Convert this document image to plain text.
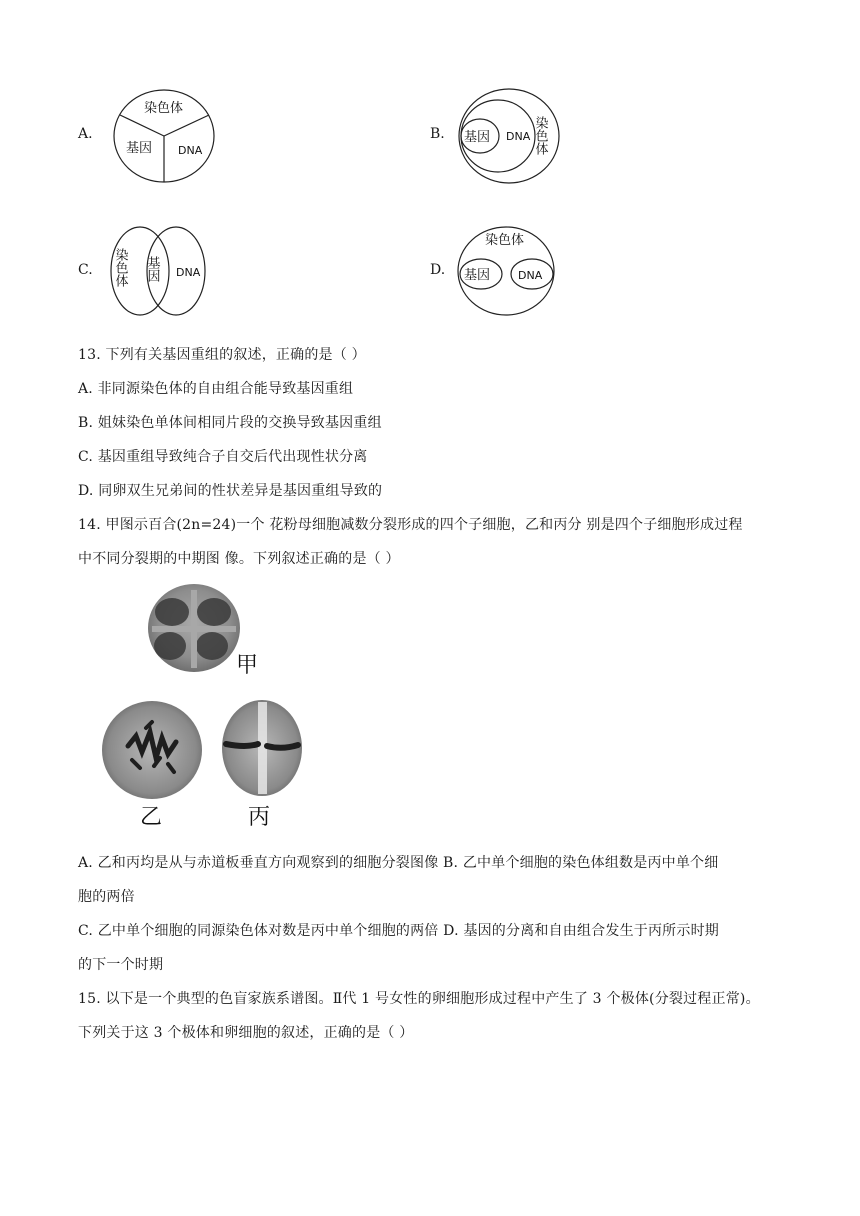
A.
染色体
基因 DNA
B. 基因 DNA 染色体
C. 染色体 基因 DNA	D.
染色体
基因	DNA
13. 下列有关基因重组的叙述，正确的是（ ）
A. 非同源染色体的自由组合能导致基因重组
B. 姐妹染色单体间相同片段的交换导致基因重组
C. 基因重组导致纯合子自交后代出现性状分离
D. 同卵双生兄弟间的性状差异是基因重组导致的
14. 甲图示百合(2n=24)一个 花粉母细胞减数分裂形成的四个子细胞，乙和丙分 别是四个子细胞形成过程
中不同分裂期的中期图 像。下列叙述正确的是（ ）
甲
乙	丙
A. 乙和丙均是从与赤道板垂直方向观察到的细胞分裂图像 B. 乙中单个细胞的染色体组数是丙中单个细
胞的两倍
C. 乙中单个细胞的同源染色体对数是丙中单个细胞的两倍 D. 基因的分离和自由组合发生于丙所示时期
的下一个时期
15. 以下是一个典型的色盲家族系谱图。Ⅱ代 1 号女性的卵细胞形成过程中产生了 3 个极体(分裂过程正常)。
下列关于这 3 个极体和卵细胞的叙述，正确的是（ ）
